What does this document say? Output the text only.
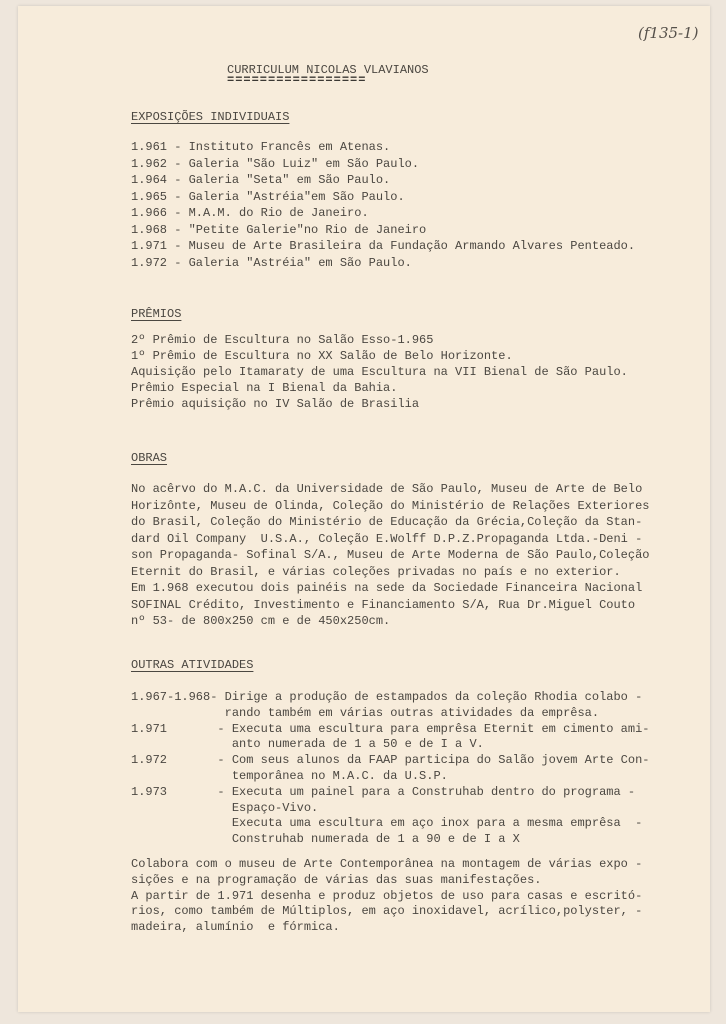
(f135-1)
CURRICULUM NICOLAS VLAVIANOS
=================
EXPOSIÇÕES INDIVIDUAIS
1.961 - Instituto Francês em Atenas.
1.962 - Galeria "São Luiz" em São Paulo.
1.964 - Galeria "Seta" em São Paulo.
1.965 - Galeria "Astréia"em São Paulo.
1.966 - M.A.M. do Rio de Janeiro.
1.968 - "Petite Galerie"no Rio de Janeiro
1.971 - Museu de Arte Brasileira da Fundação Armando Alvares Penteado.
1.972 - Galeria "Astréia" em São Paulo.
PRÊMIOS
2º Prêmio de Escultura no Salão Esso-1.965
1º Prêmio de Escultura no XX Salão de Belo Horizonte.
Aquisição pelo Itamaraty de uma Escultura na VII Bienal de São Paulo.
Prêmio Especial na I Bienal da Bahia.
Prêmio aquisição no IV Salão de Brasilia
OBRAS
No acêrvo do M.A.C. da Universidade de São Paulo, Museu de Arte de Belo
Horizônte, Museu de Olinda, Coleção do Ministério de Relações Exteriores
do Brasil, Coleção do Ministério de Educação da Grécia,Coleção da Stan-
dard Oil Company  U.S.A., Coleção E.Wolff D.P.Z.Propaganda Ltda.-Deni -
son Propaganda- Sofinal S/A., Museu de Arte Moderna de São Paulo,Coleção
Eternit do Brasil, e várias coleções privadas no país e no exterior.
Em 1.968 executou dois painéis na sede da Sociedade Financeira Nacional
SOFINAL Crédito, Investimento e Financiamento S/A, Rua Dr.Miguel Couto
nº 53- de 800x250 cm e de 450x250cm.
OUTRAS ATIVIDADES
1.967-1.968- Dirige a produção de estampados da coleção Rhodia colabo -
rando também em várias outras atividades da emprêsa.
1.971       - Executa uma escultura para emprêsa Eternit em cimento ami-
anto numerada de 1 a 50 e de I a V.
1.972       - Com seus alunos da FAAP participa do Salão jovem Arte Con-
temporânea no M.A.C. da U.S.P.
1.973       - Executa um painel para a Construhab dentro do programa -
Espaço-Vivo.
Executa uma escultura em aço inox para a mesma emprêsa  -
Construhab numerada de 1 a 90 e de I a X
Colabora com o museu de Arte Contemporânea na montagem de várias expo -
sições e na programação de várias das suas manifestações.
A partir de 1.971 desenha e produz objetos de uso para casas e escritó-
rios, como também de Múltiplos, em aço inoxidavel, acrílico,polyster, -
madeira, alumínio  e fórmica.
